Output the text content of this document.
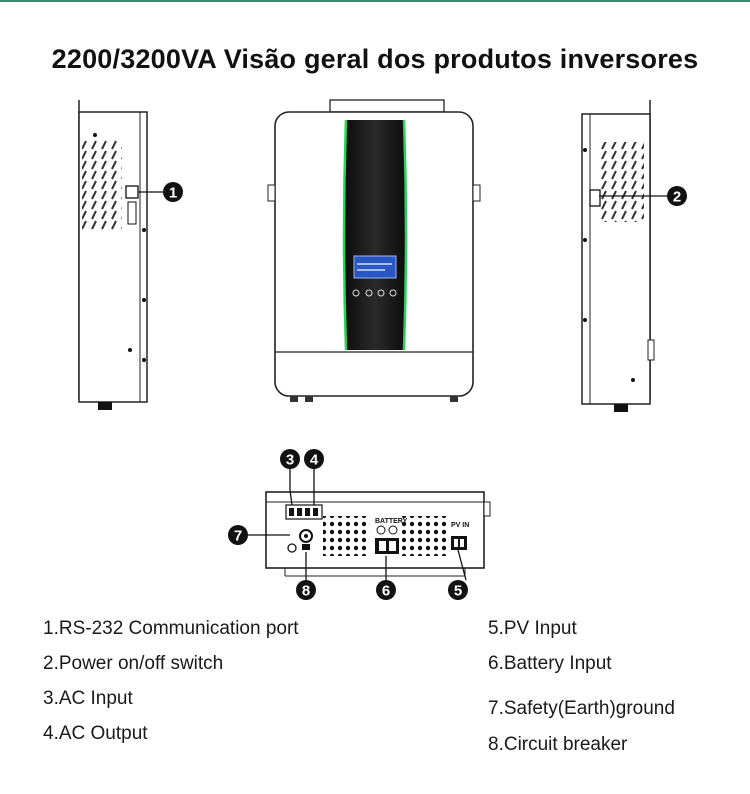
2200/3200VA Visão geral dos produtos inversores
BATTERY
PV IN
1	2
3 4
5
6
7
8
1.RS-232 Communication port
2.Power on/off switch
3.AC Input
4.AC Output
5.PV Input
6.Battery Input
7.Safety(Earth)ground
8.Circuit breaker
